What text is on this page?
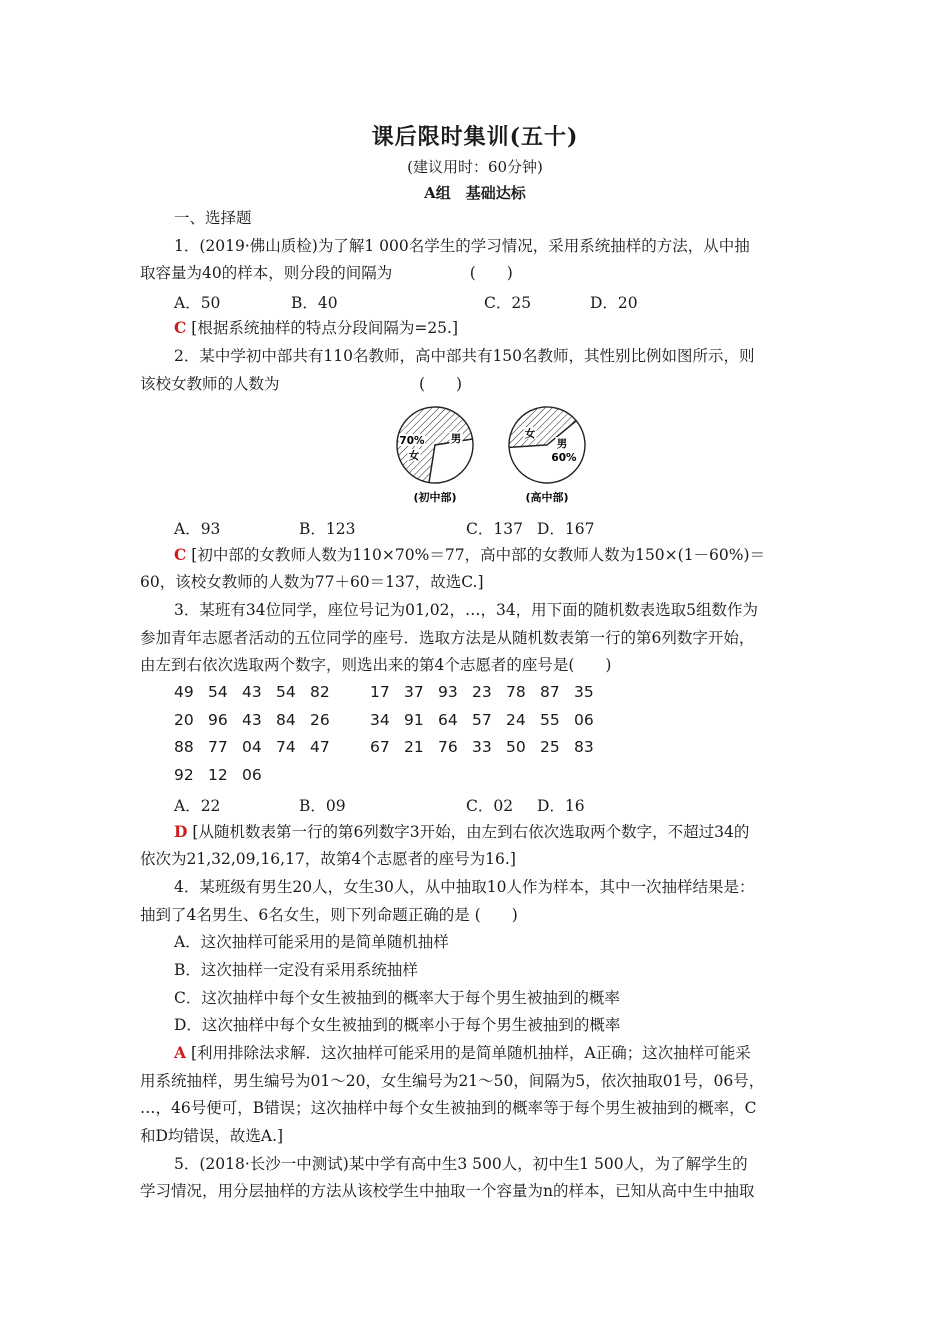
课后限时集训(五十)
(建议用时：60分钟)
A组　基础达标
一、选择题
1．(2019·佛山质检)为了解1 000名学生的学习情况，采用系统抽样的方法，从中抽
取容量为40的样本，则分段的间隔为　　　　　(　　)
A．50	B．40	C．25	D．20
C [根据系统抽样的特点分段间隔为=25.]
2．某中学初中部共有110名教师，高中部共有150名教师，其性别比例如图所示，则
该校女教师的人数为　　　　　　　　　(　　)
70%
女
男	女
男
60%
(初中部)	(高中部)
A．93	B．123	C．137 D．167
C [初中部的女教师人数为110×70%＝77，高中部的女教师人数为150×(1－60%)＝
60，该校女教师的人数为77＋60＝137，故选C.]
3．某班有34位同学，座位号记为01,02，…，34，用下面的随机数表选取5组数作为
参加青年志愿者活动的五位同学的座号．选取方法是从随机数表第一行的第6列数字开始，
由左到右依次选取两个数字，则选出来的第4个志愿者的座号是(　　)
49 54 43 54 82	17 37 93 23 78 87 35
20 96 43 84 26	34 91 64 57 24 55 06
88 77 04 74 47	67 21 76 33 50 25 83
92 12 06
A．22	B．09	C．02 D．16
D [从随机数表第一行的第6列数字3开始，由左到右依次选取两个数字，不超过34的
依次为21,32,09,16,17，故第4个志愿者的座号为16.]
4．某班级有男生20人，女生30人，从中抽取10人作为样本，其中一次抽样结果是：
抽到了4名男生、6名女生，则下列命题正确的是 (　　)
A．这次抽样可能采用的是简单随机抽样
B．这次抽样一定没有采用系统抽样
C．这次抽样中每个女生被抽到的概率大于每个男生被抽到的概率
D．这次抽样中每个女生被抽到的概率小于每个男生被抽到的概率
A [利用排除法求解．这次抽样可能采用的是简单随机抽样，A正确；这次抽样可能采
用系统抽样，男生编号为01～20，女生编号为21～50，间隔为5，依次抽取01号，06号，
…，46号便可，B错误；这次抽样中每个女生被抽到的概率等于每个男生被抽到的概率，C
和D均错误，故选A.]
5．(2018·长沙一中测试)某中学有高中生3 500人，初中生1 500人，为了解学生的
学习情况，用分层抽样的方法从该校学生中抽取一个容量为n的样本，已知从高中生中抽取
